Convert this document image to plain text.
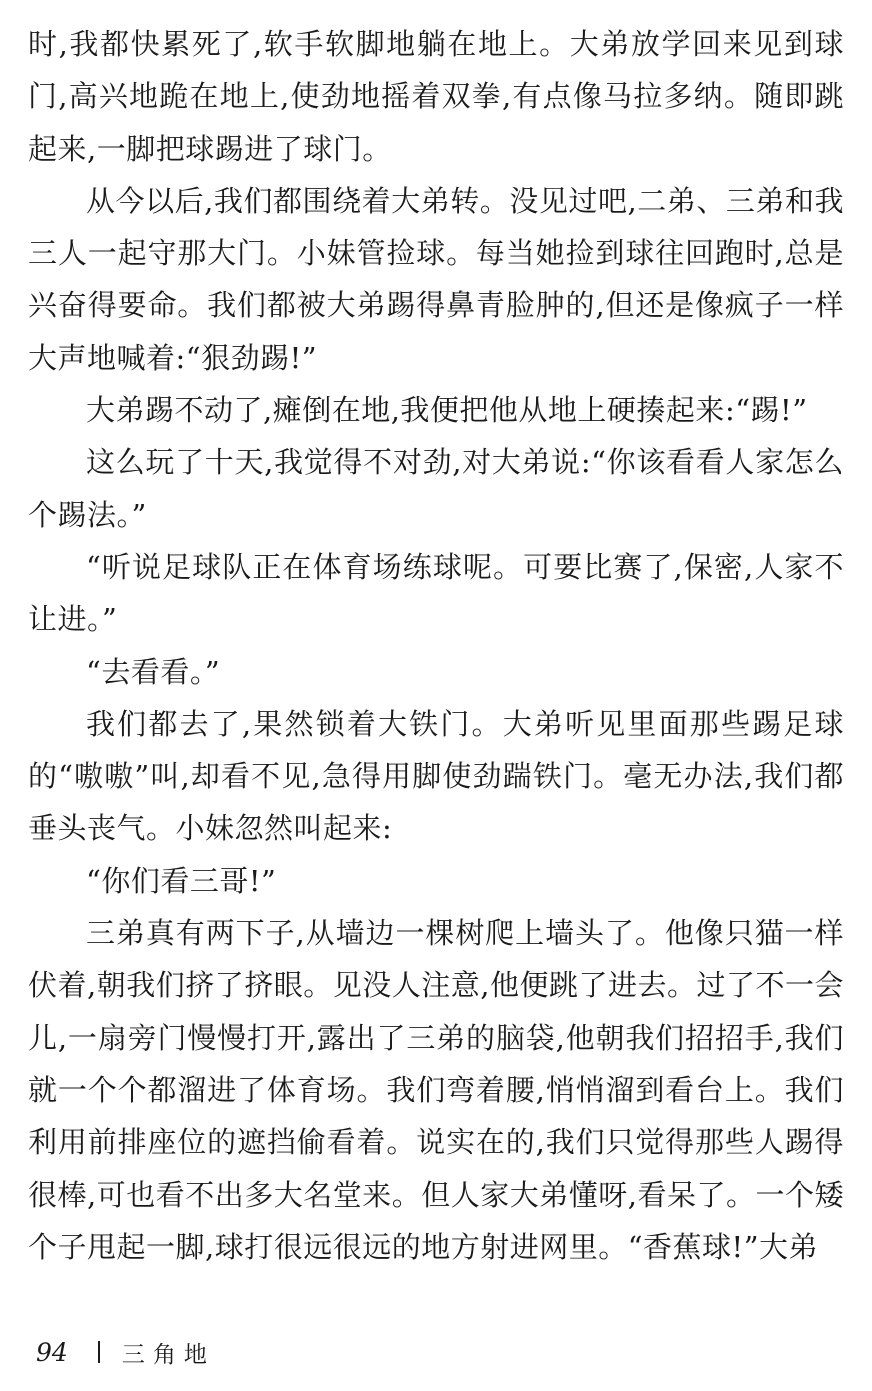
时,我都快累死了,软手软脚地躺在地上。大弟放学回来见到球门,高兴地跪在地上,使劲地摇着双拳,有点像马拉多纳。随即跳起来,一脚把球踢进了球门。

从今以后,我们都围绕着大弟转。没见过吧,二弟、三弟和我三人一起守那大门。小妹管捡球。每当她捡到球往回跑时,总是兴奋得要命。我们都被大弟踢得鼻青脸肿的,但还是像疯子一样大声地喊着:“狠劲踢!”

大弟踢不动了,瘫倒在地,我便把他从地上硬揍起来:“踢!”

这么玩了十天,我觉得不对劲,对大弟说:“你该看看人家怎么个踢法。”

“听说足球队正在体育场练球呢。可要比赛了,保密,人家不让进。”

“去看看。”

我们都去了,果然锁着大铁门。大弟听见里面那些踢足球的“嗷嗷”叫,却看不见,急得用脚使劲踹铁门。毫无办法,我们都垂头丧气。小妹忽然叫起来:

“你们看三哥!”

三弟真有两下子,从墙边一棵树爬上墙头了。他像只猫一样伏着,朝我们挤了挤眼。见没人注意,他便跳了进去。过了不一会儿,一扇旁门慢慢打开,露出了三弟的脑袋,他朝我们招招手,我们就一个个都溜进了体育场。我们弯着腰,悄悄溜到看台上。我们利用前排座位的遮挡偷看着。说实在的,我们只觉得那些人踢得很棒,可也看不出多大名堂来。但人家大弟懂呀,看呆了。一个矮个子甩起一脚,球打很远很远的地方射进网里。“香蕉球!”大弟

94 三角地
